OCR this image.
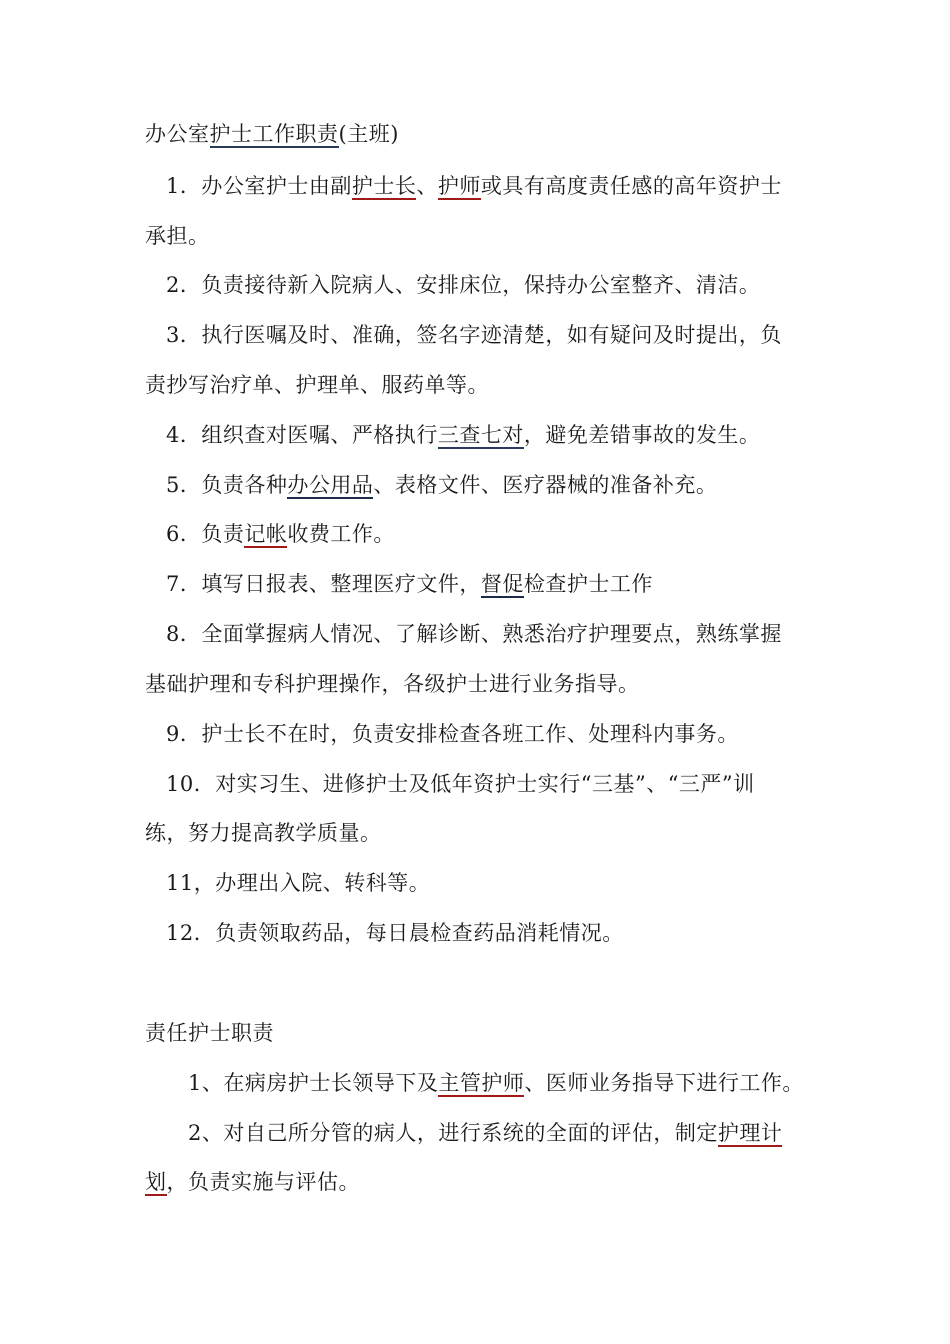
办公室护士工作职责(主班)
1．办公室护士由副护士长、护师或具有高度责任感的高年资护士
承担。
2．负责接待新入院病人、安排床位，保持办公室整齐、清洁。
3．执行医嘱及时、准确，签名字迹清楚，如有疑问及时提出，负
责抄写治疗单、护理单、服药单等。
4．组织查对医嘱、严格执行三查七对，避免差错事故的发生。
5．负责各种办公用品、表格文件、医疗器械的准备补充。
6．负责记帐收费工作。
7．填写日报表、整理医疗文件，督促检查护士工作
8．全面掌握病人情况、了解诊断、熟悉治疗护理要点，熟练掌握
基础护理和专科护理操作，各级护士进行业务指导。
9．护士长不在时，负责安排检查各班工作、处理科内事务。
10．对实习生、进修护士及低年资护士实行“三基”、“三严”训
练，努力提高教学质量。
11，办理出入院、转科等。
12．负责领取药品，每日晨检查药品消耗情况。
责任护士职责
1、在病房护士长领导下及主管护师、医师业务指导下进行工作。
2、对自己所分管的病人，进行系统的全面的评估，制定护理计
划，负责实施与评估。
